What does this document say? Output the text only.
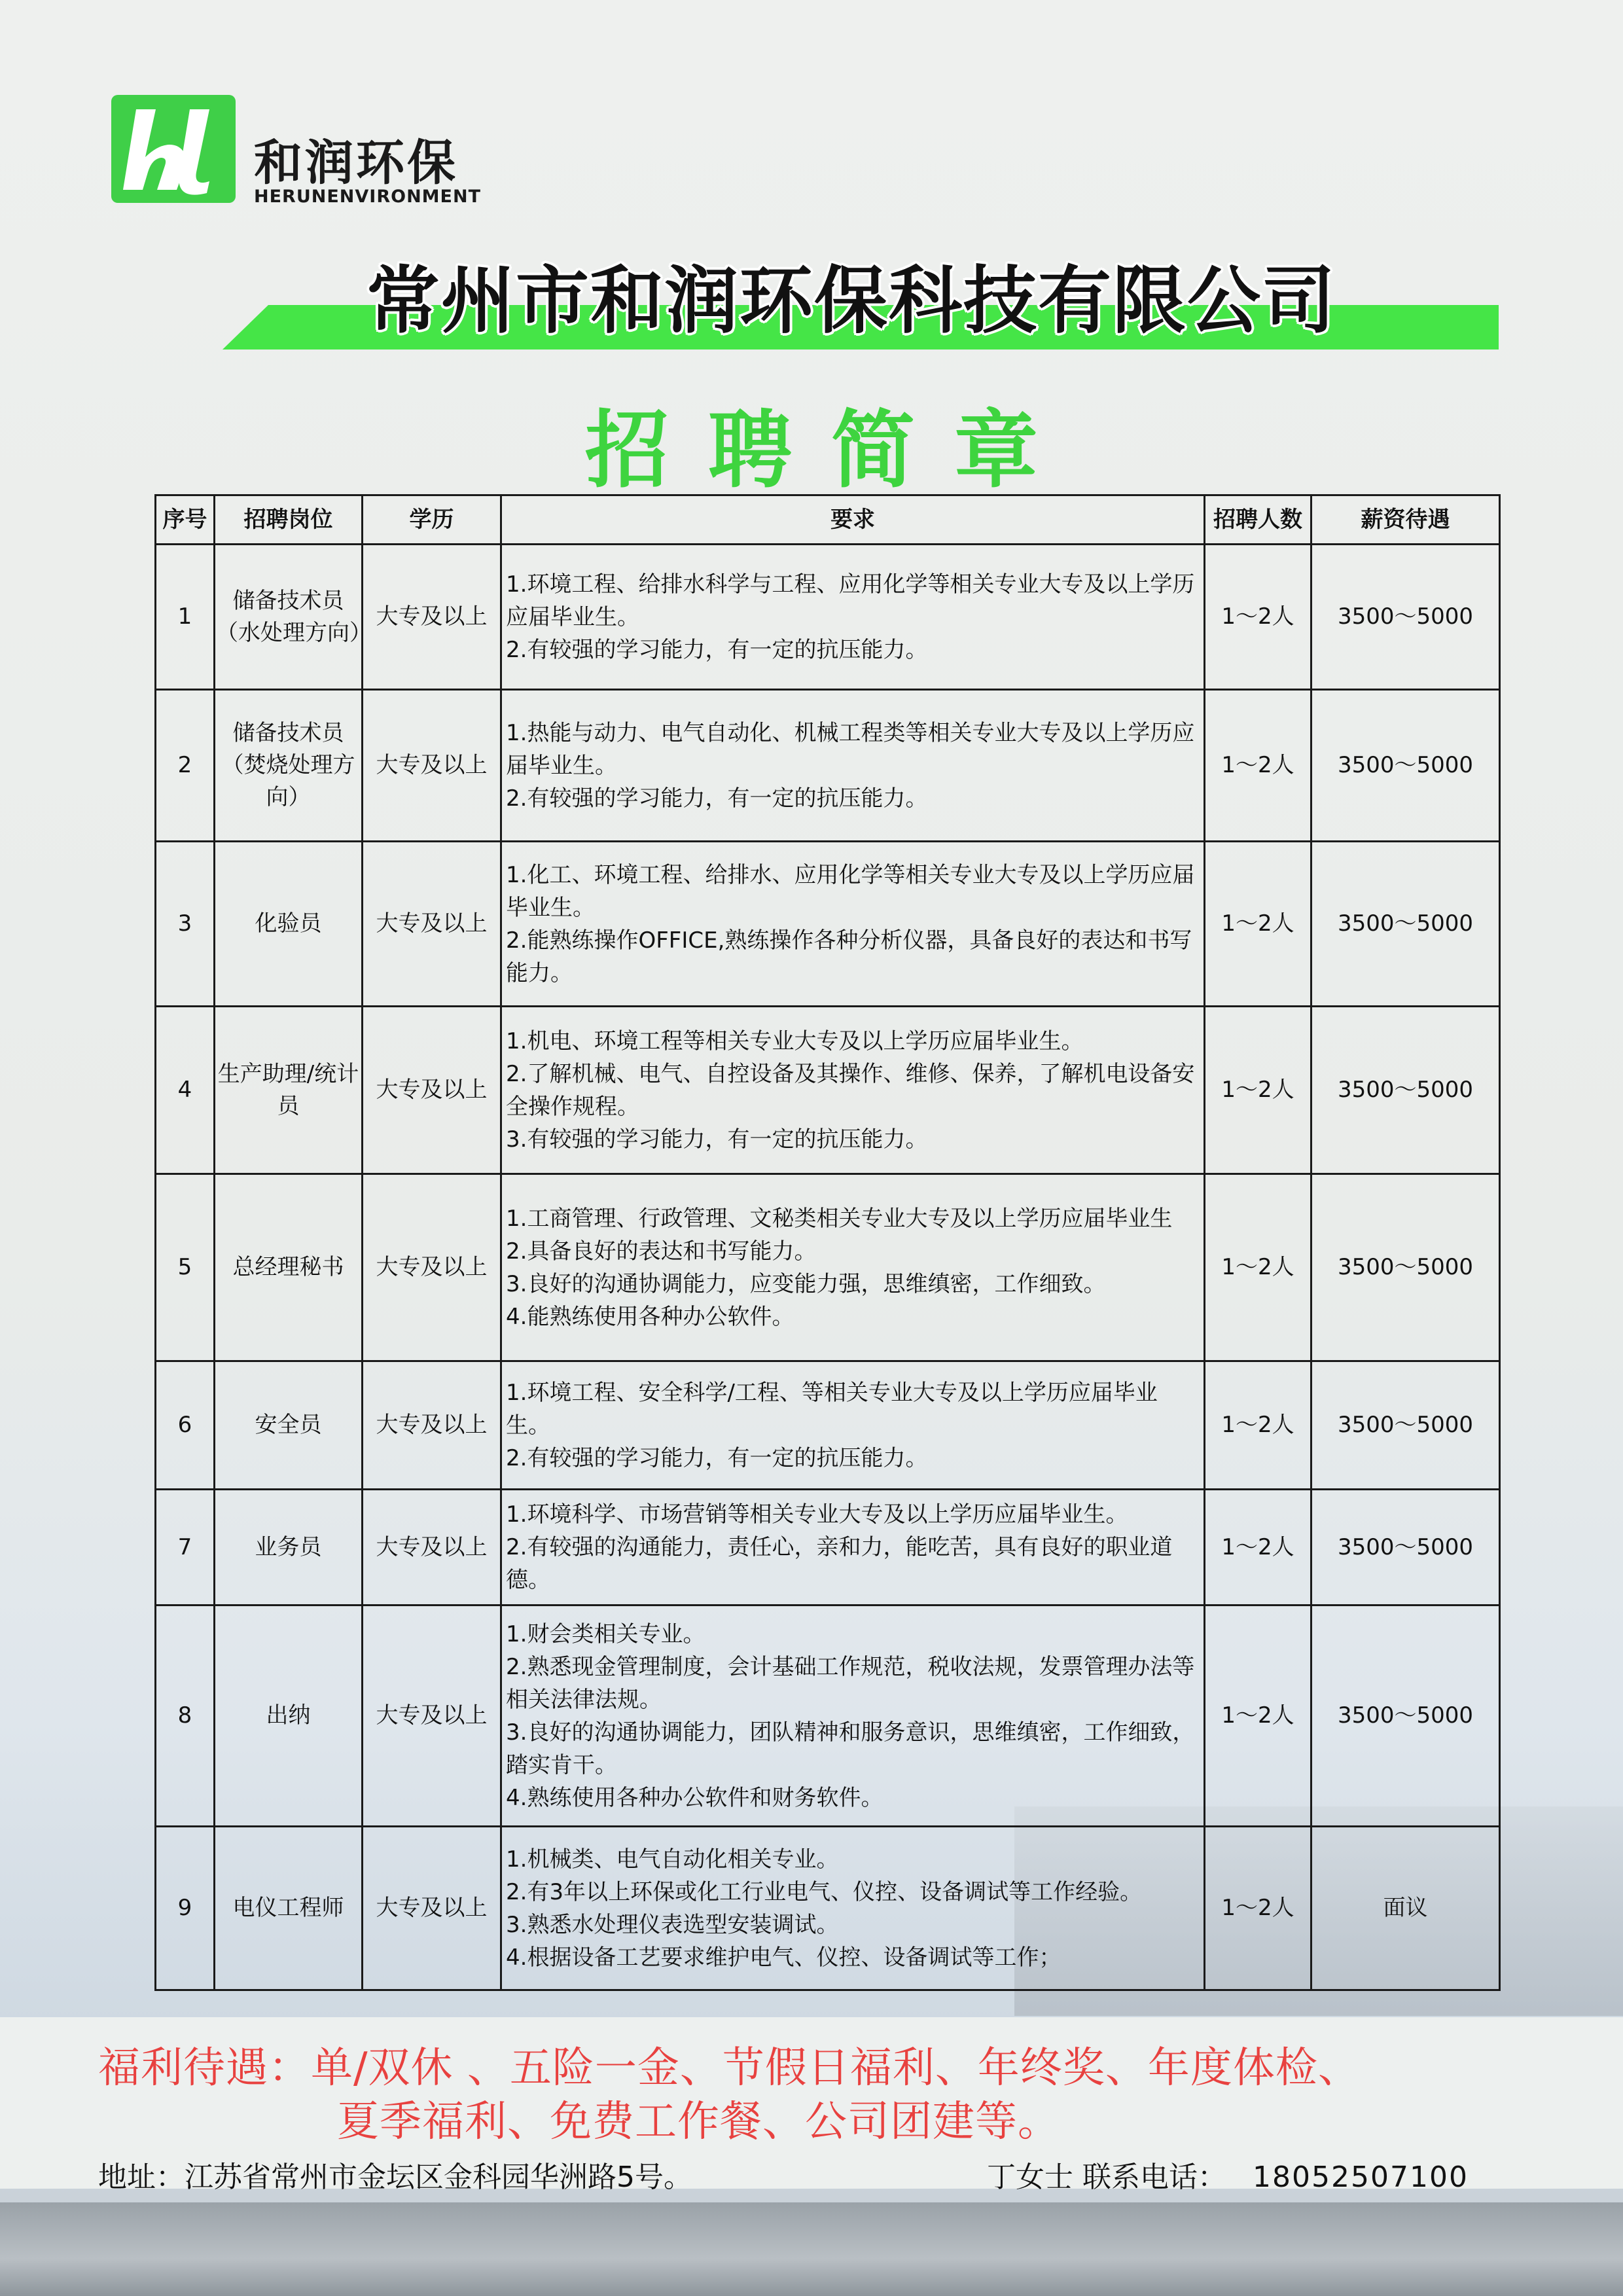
和润环保
HERUNENVIRONMENT
常州市和润环保科技有限公司
招聘简章
序号	招聘岗位	学历	要求	招聘人数	薪资待遇
1	储备技术员（水处理方向）	大专及以上	1.环境工程、给排水科学与工程、应用化学等相关专业大专及以上学历应届毕业生。
2.有较强的学习能力，有一定的抗压能力。	1～2人	3500～5000
2	储备技术员（焚烧处理方向）	大专及以上	1.热能与动力、电气自动化、机械工程类等相关专业大专及以上学历应届毕业生。
2.有较强的学习能力，有一定的抗压能力。	1～2人	3500～5000
3	化验员	大专及以上	1.化工、环境工程、给排水、应用化学等相关专业大专及以上学历应届毕业生。
2.能熟练操作OFFICE,熟练操作各种分析仪器，具备良好的表达和书写能力。	1～2人	3500～5000
4	生产助理/统计员	大专及以上	1.机电、环境工程等相关专业大专及以上学历应届毕业生。
2.了解机械、电气、自控设备及其操作、维修、保养，了解机电设备安全操作规程。
3.有较强的学习能力，有一定的抗压能力。	1～2人	3500～5000
5	总经理秘书	大专及以上	1.工商管理、行政管理、文秘类相关专业大专及以上学历应届毕业生
2.具备良好的表达和书写能力。
3.良好的沟通协调能力，应变能力强，思维缜密，工作细致。
4.能熟练使用各种办公软件。	1～2人	3500～5000
6	安全员	大专及以上	1.环境工程、安全科学/工程、等相关专业大专及以上学历应届毕业生。
2.有较强的学习能力，有一定的抗压能力。	1～2人	3500～5000
7	业务员	大专及以上	1.环境科学、市场营销等相关专业大专及以上学历应届毕业生。
2.有较强的沟通能力，责任心，亲和力，能吃苦，具有良好的职业道德。	1～2人	3500～5000
8	出纳	大专及以上	1.财会类相关专业。
2.熟悉现金管理制度，会计基础工作规范，税收法规，发票管理办法等相关法律法规。
3.良好的沟通协调能力，团队精神和服务意识，思维缜密，工作细致，踏实肯干。
4.熟练使用各种办公软件和财务软件。	1～2人	3500～5000
9	电仪工程师	大专及以上	1.机械类、电气自动化相关专业。
2.有3年以上环保或化工行业电气、仪控、设备调试等工作经验。
3.熟悉水处理仪表选型安装调试。
4.根据设备工艺要求维护电气、仪控、设备调试等工作；	1～2人	面议
福利待遇：单/双休 、五险一金、节假日福利、年终奖、年度体检、
夏季福利、免费工作餐、公司团建等。
地址：江苏省常州市金坛区金科园华洲路5号。	丁女士 联系电话： 18052507100
